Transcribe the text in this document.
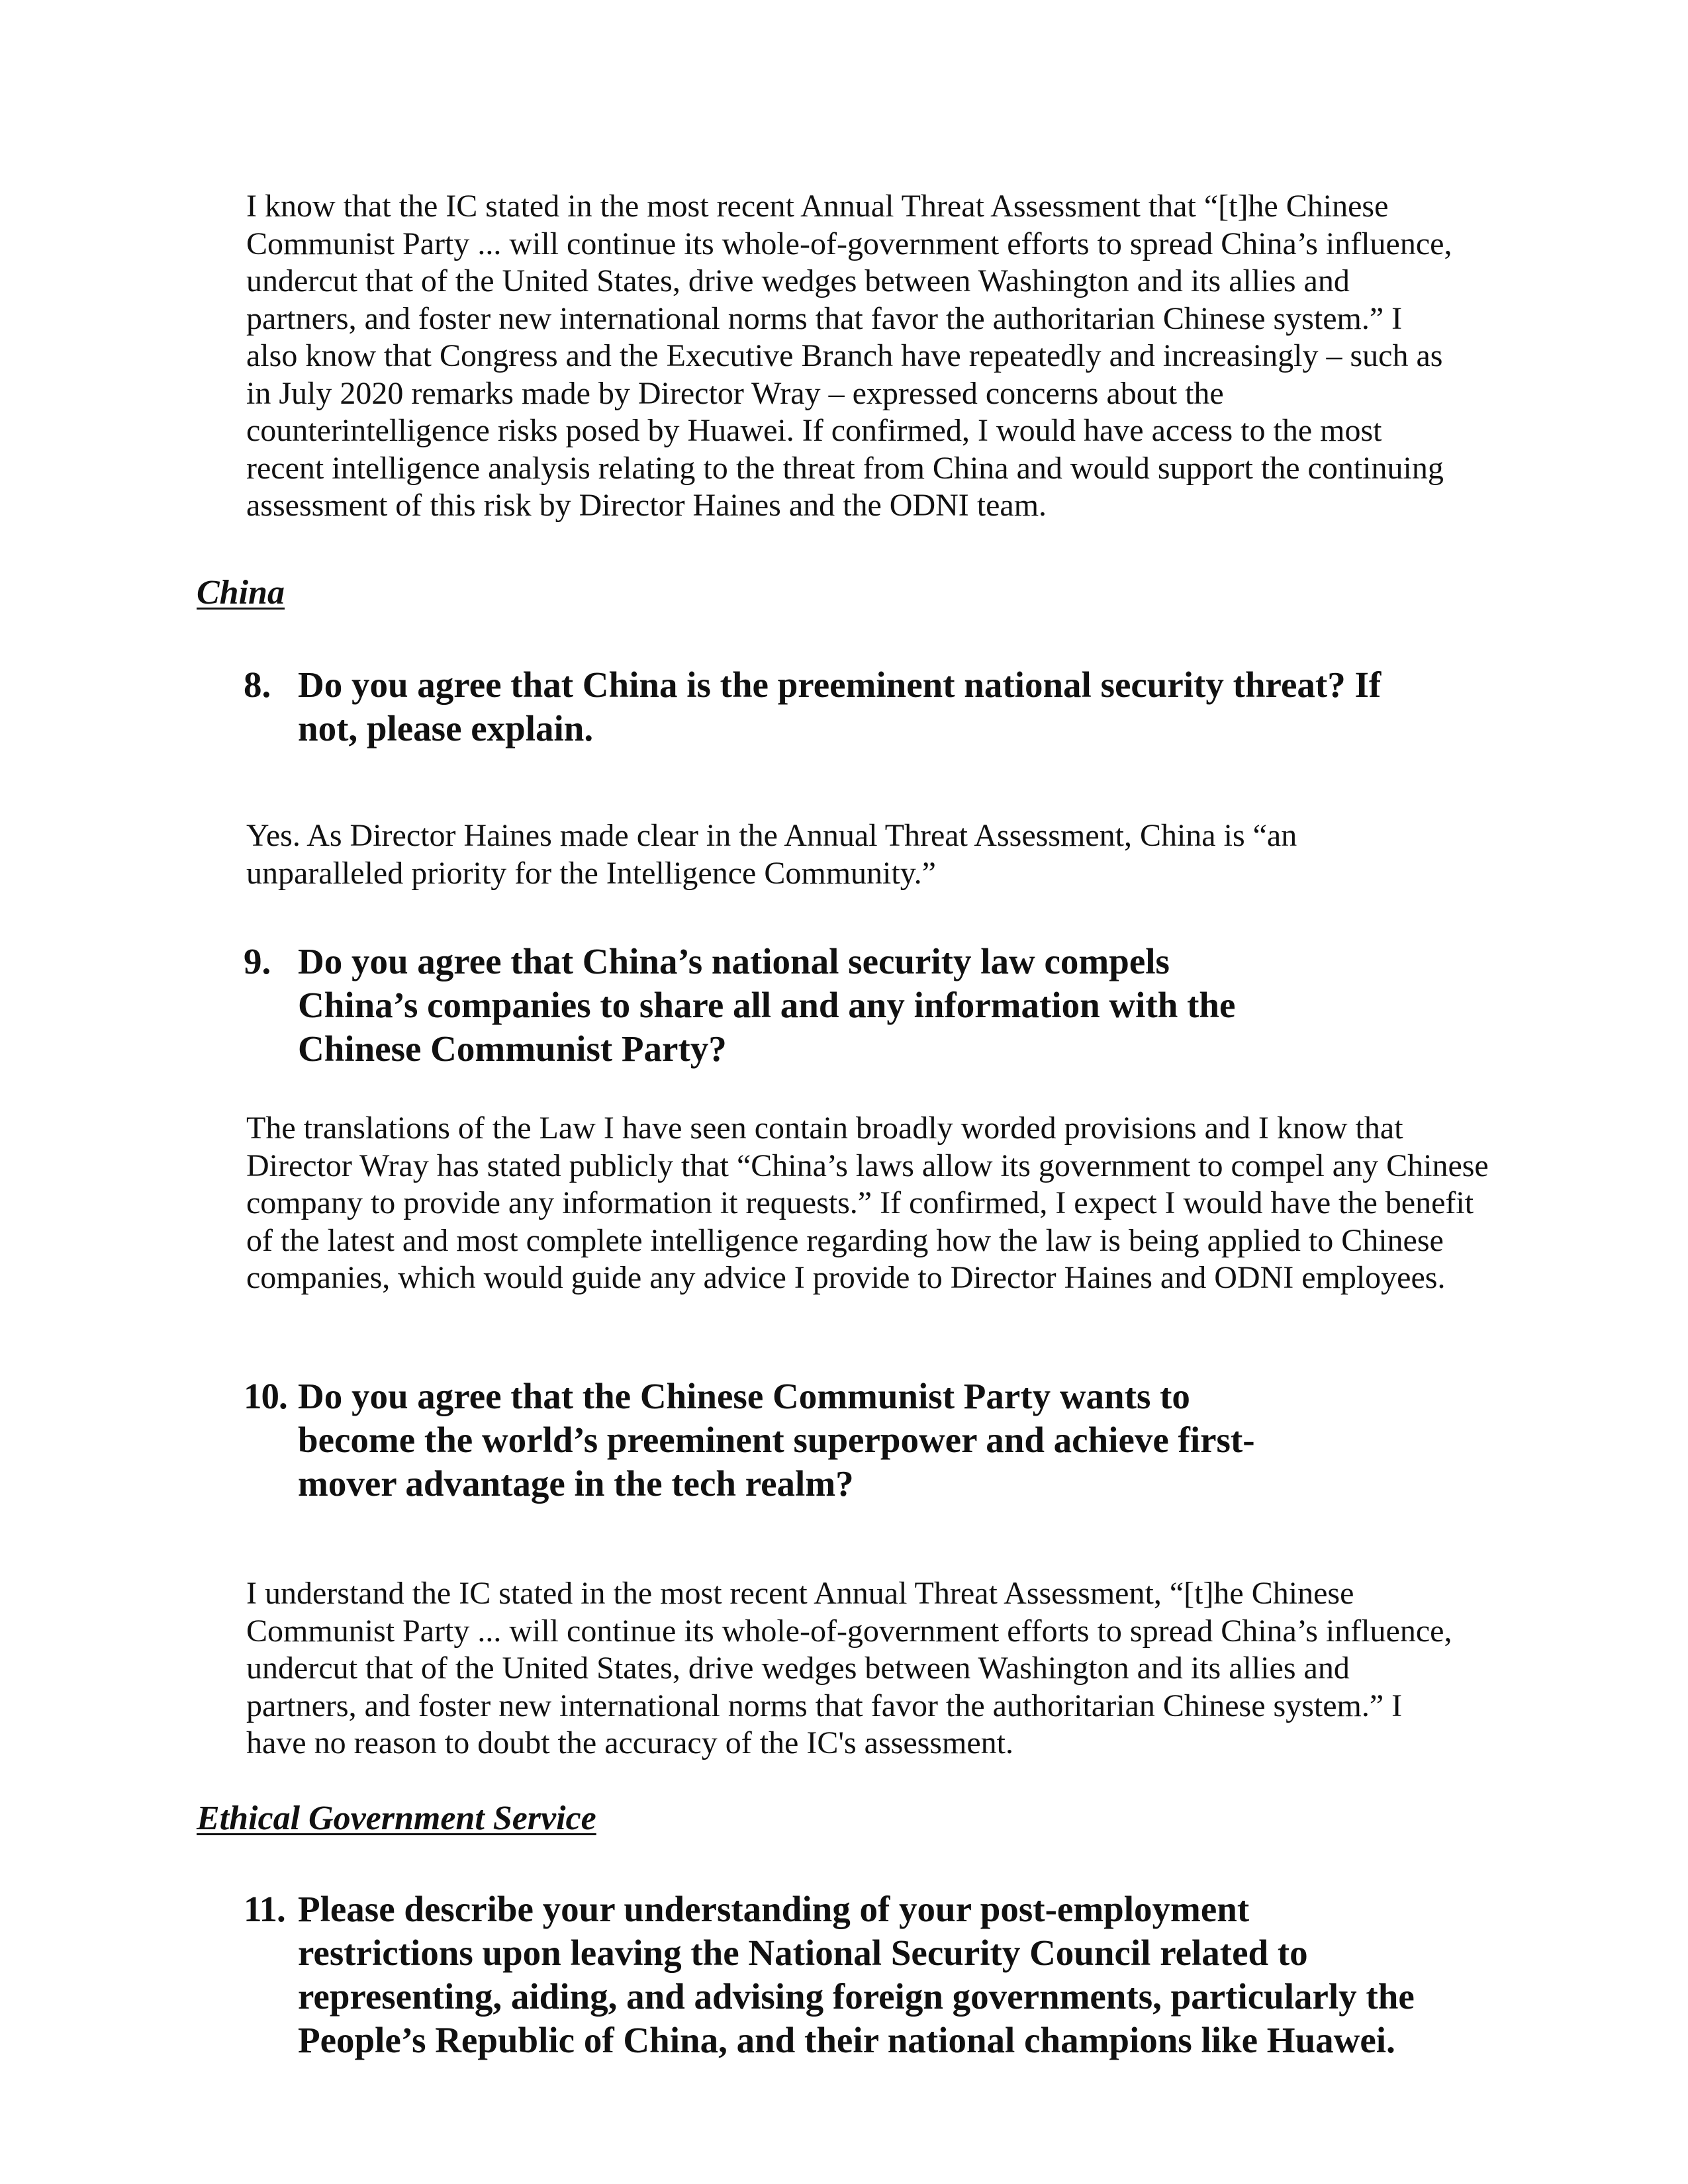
I know that the IC stated in the most recent Annual Threat Assessment that “[t]he Chinese Communist Party ... will continue its whole-of-government efforts to spread China’s influence, undercut that of the United States, drive wedges between Washington and its allies and partners, and foster new international norms that favor the authoritarian Chinese system.” I also know that Congress and the Executive Branch have repeatedly and increasingly – such as in July 2020 remarks made by Director Wray – expressed concerns about the counterintelligence risks posed by Huawei. If confirmed, I would have access to the most recent intelligence analysis relating to the threat from China and would support the continuing assessment of this risk by Director Haines and the ODNI team.
China
8. Do you agree that China is the preeminent national security threat? If
not, please explain.
Yes. As Director Haines made clear in the Annual Threat Assessment, China is “an unparalleled priority for the Intelligence Community.”
9. Do you agree that China’s national security law compels
China’s companies to share all and any information with the
Chinese Communist Party?
The translations of the Law I have seen contain broadly worded provisions and I know that Director Wray has stated publicly that “China’s laws allow its government to compel any Chinese company to provide any information it requests.” If confirmed, I expect I would have the benefit of the latest and most complete intelligence regarding how the law is being applied to Chinese companies, which would guide any advice I provide to Director Haines and ODNI employees.
10. Do you agree that the Chinese Communist Party wants to
become the world’s preeminent superpower and achieve first-
mover advantage in the tech realm?
I understand the IC stated in the most recent Annual Threat Assessment, “[t]he Chinese Communist Party ... will continue its whole-of-government efforts to spread China’s influence, undercut that of the United States, drive wedges between Washington and its allies and partners, and foster new international norms that favor the authoritarian Chinese system.” I have no reason to doubt the accuracy of the IC's assessment.
Ethical Government Service
11. Please describe your understanding of your post-employment
restrictions upon leaving the National Security Council related to
representing, aiding, and advising foreign governments, particularly the
People’s Republic of China, and their national champions like Huawei.
